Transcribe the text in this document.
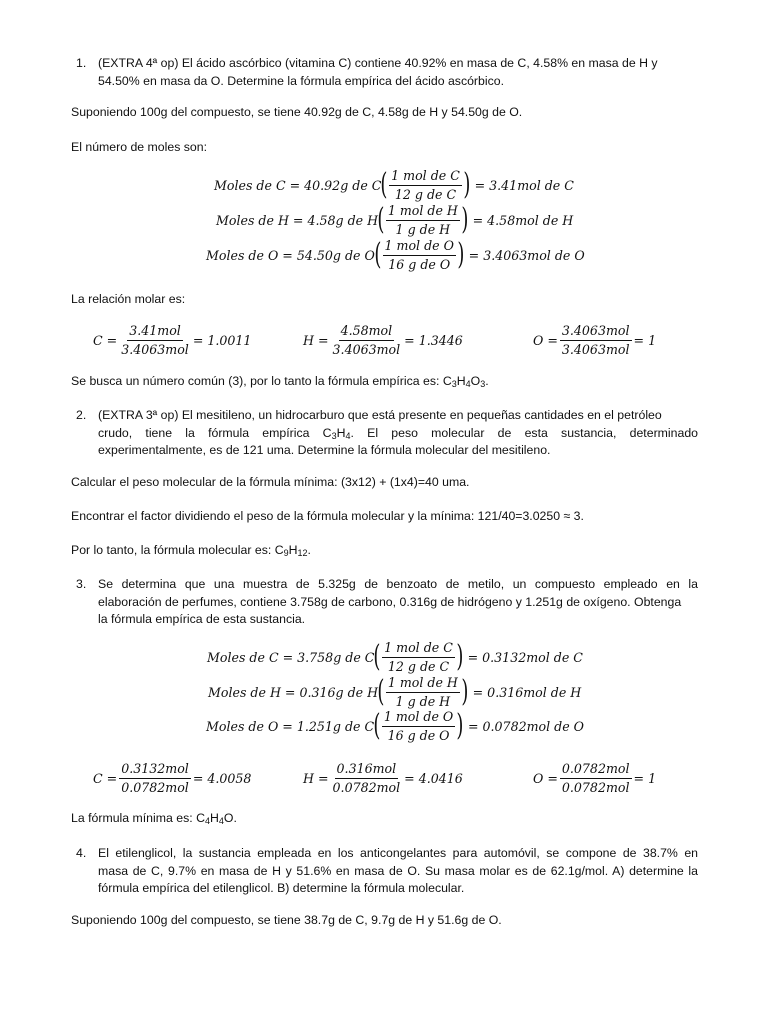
1. (EXTRA 4ª op) El ácido ascórbico (vitamina C) contiene 40.92% en masa de C, 4.58% en masa de H y
54.50% en masa da O. Determine la fórmula empírica del ácido ascórbico.
Suponiendo 100g del compuesto, se tiene 40.92g de C, 4.58g de H y 54.50g de O.
El número de moles son:
Moles de C = 40.92g de C ( $\frac{\text{1 mol de C}}{\text{12 g de C}}$ ) = 3.41mol de C
Moles de H = 4.58g de H ( $\frac{\text{1 mol de H}}{\text{1 g de H}}$ ) = 4.58mol de H
Moles de O = 54.50g de O ( $\frac{\text{1 mol de O}}{\text{16 g de O}}$ ) = 3.4063mol de O
La relación molar es:
$C = \frac{\text{3.41mol}}{\text{3.4063mol}} = 1.0011$	$H = \frac{\text{4.58mol}}{\text{3.4063mol}} = 1.3446$	$O = \frac{\text{3.4063mol}}{\text{3.4063mol}} = 1$
Se busca un número común (3), por lo tanto la fórmula empírica es: $C_3H_4O_3$.
2. (EXTRA 3ª op) El mesitileno, un hidrocarburo que está presente en pequeñas cantidades en el petróleo
crudo, tiene la fórmula empírica $C_3H_4$. El peso molecular de esta sustancia, determinado
experimentalmente, es de 121 uma. Determine la fórmula molecular del mesitileno.
Calcular el peso molecular de la fórmula mínima: (3x12) + (1x4)=40 uma.
Encontrar el factor dividiendo el peso de la fórmula molecular y la mínima: 121/40=3.0250 ≈ 3.
Por lo tanto, la fórmula molecular es: $C_9H_{12}$.
3. Se determina que una muestra de 5.325g de benzoato de metilo, un compuesto empleado en la
elaboración de perfumes, contiene 3.758g de carbono, 0.316g de hidrógeno y 1.251g de oxígeno. Obtenga
la fórmula empírica de esta sustancia.
Moles de C = 3.758g de C ( $\frac{\text{1 mol de C}}{\text{12 g de C}}$ ) = 0.3132mol de C
Moles de H = 0.316g de H ( $\frac{\text{1 mol de H}}{\text{1 g de H}}$ ) = 0.316mol de H
Moles de O = 1.251g de C ( $\frac{\text{1 mol de O}}{\text{16 g de O}}$ ) = 0.0782mol de O
$C = \frac{\text{0.3132mol}}{\text{0.0782mol}} = 4.0058$	$H = \frac{\text{0.316mol}}{\text{0.0782mol}} = 4.0416$	$O = \frac{\text{0.0782mol}}{\text{0.0782mol}} = 1$
La fórmula mínima es: $C_4H_4O$.
4. El etilenglicol, la sustancia empleada en los anticongelantes para automóvil, se compone de 38.7% en
masa de C, 9.7% en masa de H y 51.6% en masa de O. Su masa molar es de 62.1g/mol. A) determine la
fórmula empírica del etilenglicol. B) determine la fórmula molecular.
Suponiendo 100g del compuesto, se tiene 38.7g de C, 9.7g de H y 51.6g de O.
